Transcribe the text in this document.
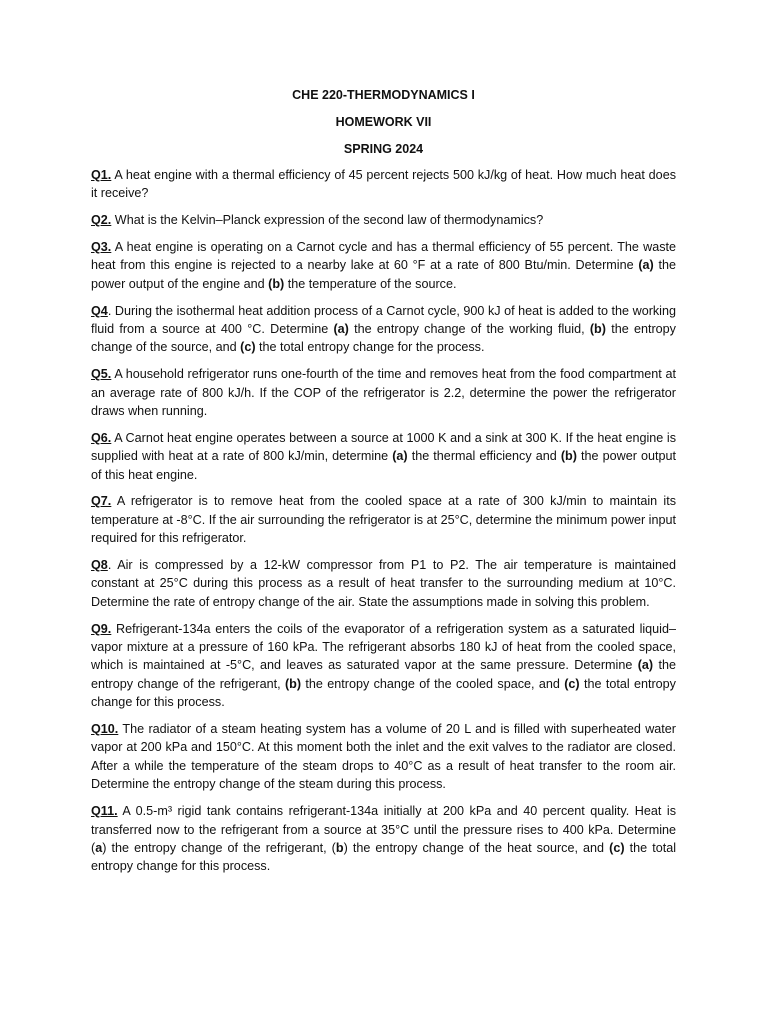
CHE 220-THERMODYNAMICS I
HOMEWORK VII
SPRING 2024

Q1. A heat engine with a thermal efficiency of 45 percent rejects 500 kJ/kg of heat. How much heat does it receive?

Q2. What is the Kelvin–Planck expression of the second law of thermodynamics?

Q3. A heat engine is operating on a Carnot cycle and has a thermal efficiency of 55 percent. The waste heat from this engine is rejected to a nearby lake at 60 °F at a rate of 800 Btu/min. Determine (a) the power output of the engine and (b) the temperature of the source.

Q4. During the isothermal heat addition process of a Carnot cycle, 900 kJ of heat is added to the working fluid from a source at 400 °C. Determine (a) the entropy change of the working fluid, (b) the entropy change of the source, and (c) the total entropy change for the process.

Q5. A household refrigerator runs one-fourth of the time and removes heat from the food compartment at an average rate of 800 kJ/h. If the COP of the refrigerator is 2.2, determine the power the refrigerator draws when running.

Q6. A Carnot heat engine operates between a source at 1000 K and a sink at 300 K. If the heat engine is supplied with heat at a rate of 800 kJ/min, determine (a) the thermal efficiency and (b) the power output of this heat engine.

Q7. A refrigerator is to remove heat from the cooled space at a rate of 300 kJ/min to maintain its temperature at -8°C. If the air surrounding the refrigerator is at 25°C, determine the minimum power input required for this refrigerator.

Q8. Air is compressed by a 12-kW compressor from P1 to P2. The air temperature is maintained constant at 25°C during this process as a result of heat transfer to the surrounding medium at 10°C. Determine the rate of entropy change of the air. State the assumptions made in solving this problem.

Q9. Refrigerant-134a enters the coils of the evaporator of a refrigeration system as a saturated liquid–vapor mixture at a pressure of 160 kPa. The refrigerant absorbs 180 kJ of heat from the cooled space, which is maintained at -5°C, and leaves as saturated vapor at the same pressure. Determine (a) the entropy change of the refrigerant, (b) the entropy change of the cooled space, and (c) the total entropy change for this process.

Q10. The radiator of a steam heating system has a volume of 20 L and is filled with superheated water vapor at 200 kPa and 150°C. At this moment both the inlet and the exit valves to the radiator are closed. After a while the temperature of the steam drops to 40°C as a result of heat transfer to the room air. Determine the entropy change of the steam during this process.

Q11. A 0.5-m³ rigid tank contains refrigerant-134a initially at 200 kPa and 40 percent quality. Heat is transferred now to the refrigerant from a source at 35°C until the pressure rises to 400 kPa. Determine (a) the entropy change of the refrigerant, (b) the entropy change of the heat source, and (c) the total entropy change for this process.
